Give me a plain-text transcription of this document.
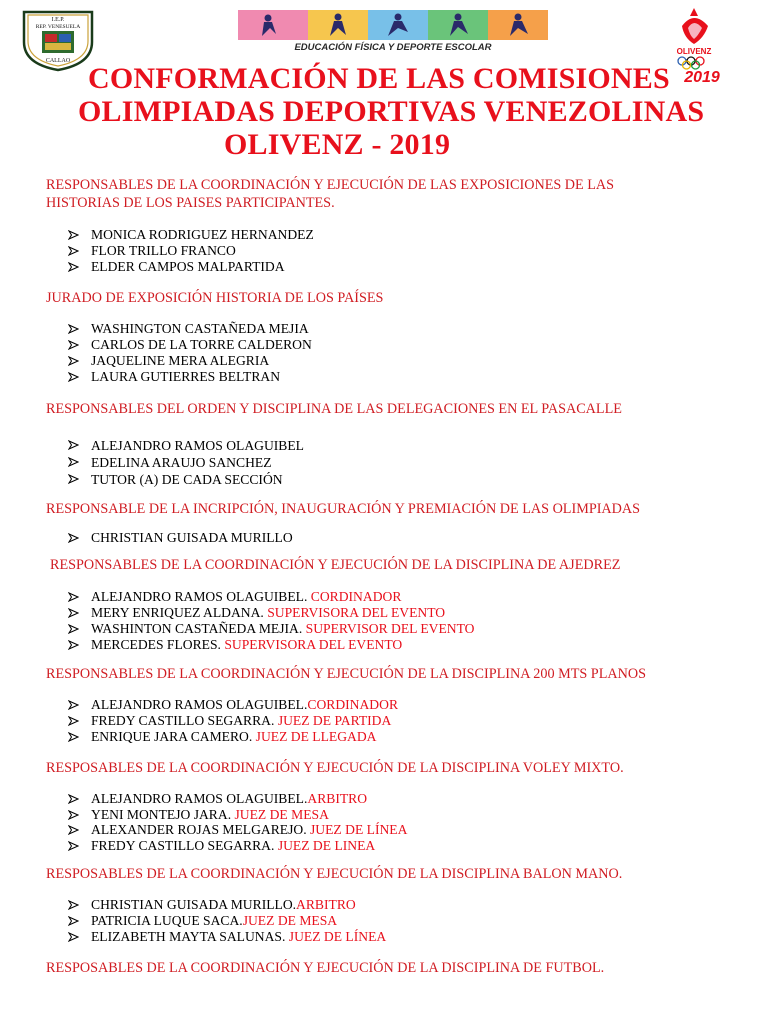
I.E.P.
REP. VENESUELA
CALLAO
EDUCACIÓN FÍSICA Y DEPORTE ESCOLAR	OLIVENZ
2019
CONFORMACIÓN DE LAS COMISIONES
OLIMPIADAS DEPORTIVAS VENEZOLINAS
OLIVENZ - 2019
RESPONSABLES DE LA COORDINACIÓN Y EJECUCIÓN DE LAS EXPOSICIONES DE LAS
HISTORIAS DE LOS PAISES PARTICIPANTES.
MONICA RODRIGUEZ HERNANDEZ
FLOR TRILLO FRANCO
ELDER CAMPOS MALPARTIDA
JURADO DE EXPOSICIÓN HISTORIA DE LOS PAÍSES
WASHINGTON CASTAÑEDA MEJIA
CARLOS DE LA TORRE CALDERON
JAQUELINE MERA ALEGRIA
LAURA GUTIERRES BELTRAN
RESPONSABLES DEL ORDEN Y DISCIPLINA DE LAS DELEGACIONES EN EL PASACALLE
ALEJANDRO RAMOS OLAGUIBEL
EDELINA ARAUJO SANCHEZ
TUTOR (A) DE CADA SECCIÓN
RESPONSABLE DE LA INCRIPCIÓN, INAUGURACIÓN Y PREMIACIÓN DE LAS OLIMPIADAS
CHRISTIAN GUISADA MURILLO
RESPONSABLES DE LA COORDINACIÓN Y EJECUCIÓN DE LA DISCIPLINA DE AJEDREZ
ALEJANDRO RAMOS OLAGUIBEL. CORDINADOR
MERY ENRIQUEZ ALDANA. SUPERVISORA DEL EVENTO
WASHINTON CASTAÑEDA MEJIA. SUPERVISOR DEL EVENTO
MERCEDES FLORES. SUPERVISORA DEL EVENTO
RESPONSABLES DE LA COORDINACIÓN Y EJECUCIÓN DE LA DISCIPLINA 200 MTS PLANOS
ALEJANDRO RAMOS OLAGUIBEL.CORDINADOR
FREDY CASTILLO SEGARRA. JUEZ DE PARTIDA
ENRIQUE JARA CAMERO. JUEZ DE LLEGADA
RESPOSABLES DE LA COORDINACIÓN Y EJECUCIÓN DE LA DISCIPLINA VOLEY MIXTO.
ALEJANDRO RAMOS OLAGUIBEL.ARBITRO
YENI MONTEJO JARA. JUEZ DE MESA
ALEXANDER ROJAS MELGAREJO. JUEZ DE LÍNEA
FREDY CASTILLO SEGARRA. JUEZ DE LINEA
RESPOSABLES DE LA COORDINACIÓN Y EJECUCIÓN DE LA DISCIPLINA BALON MANO.
CHRISTIAN GUISADA MURILLO.ARBITRO
PATRICIA LUQUE SACA.JUEZ DE MESA
ELIZABETH MAYTA SALUNAS. JUEZ DE LÍNEA
RESPOSABLES DE LA COORDINACIÓN Y EJECUCIÓN DE LA DISCIPLINA DE FUTBOL.
